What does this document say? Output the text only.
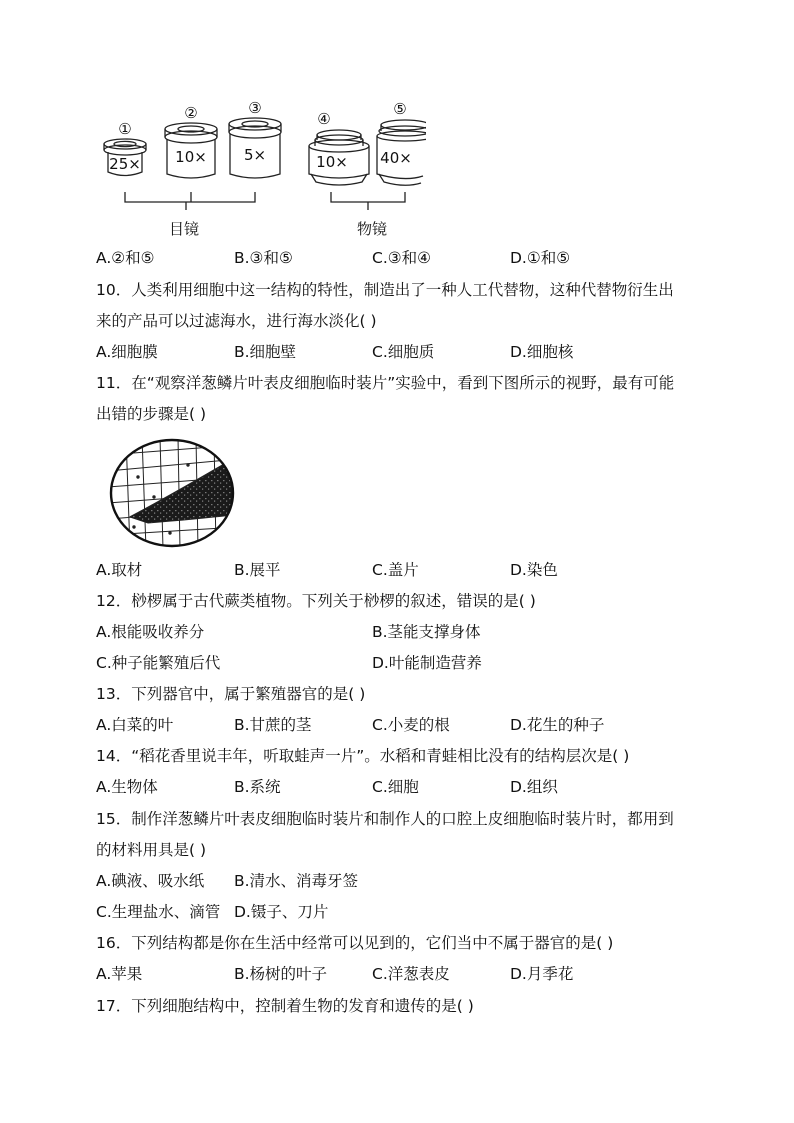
①
25×
②
10×
③
5×
④
10×
⑤
40×
目镜	物镜
A.②和⑤	B.③和⑤	C.③和④	D.①和⑤
10．人类利用细胞中这一结构的特性，制造出了一种人工代替物，这种代替物衍生出
来的产品可以过滤海水，进行海水淡化( )
A.细胞膜	B.细胞壁	C.细胞质	D.细胞核
11．在“观察洋葱鳞片叶表皮细胞临时装片”实验中，看到下图所示的视野，最有可能
出错的步骤是( )
A.取材	B.展平	C.盖片	D.染色
12．桫椤属于古代蕨类植物。下列关于桫椤的叙述，错误的是( )
A.根能吸收养分	B.茎能支撑身体
C.种子能繁殖后代	D.叶能制造营养
13．下列器官中，属于繁殖器官的是( )
A.白菜的叶	B.甘蔗的茎	C.小麦的根	D.花生的种子
14．“稻花香里说丰年，听取蛙声一片”。水稻和青蛙相比没有的结构层次是( )
A.生物体	B.系统	C.细胞	D.组织
15．制作洋葱鳞片叶表皮细胞临时装片和制作人的口腔上皮细胞临时装片时，都用到
的材料用具是( )
A.碘液、吸水纸 B.清水、消毒牙签
C.生理盐水、滴管 D.镊子、刀片
16．下列结构都是你在生活中经常可以见到的，它们当中不属于器官的是( )
A.苹果	B.杨树的叶子	C.洋葱表皮	D.月季花
17．下列细胞结构中，控制着生物的发育和遗传的是( )
